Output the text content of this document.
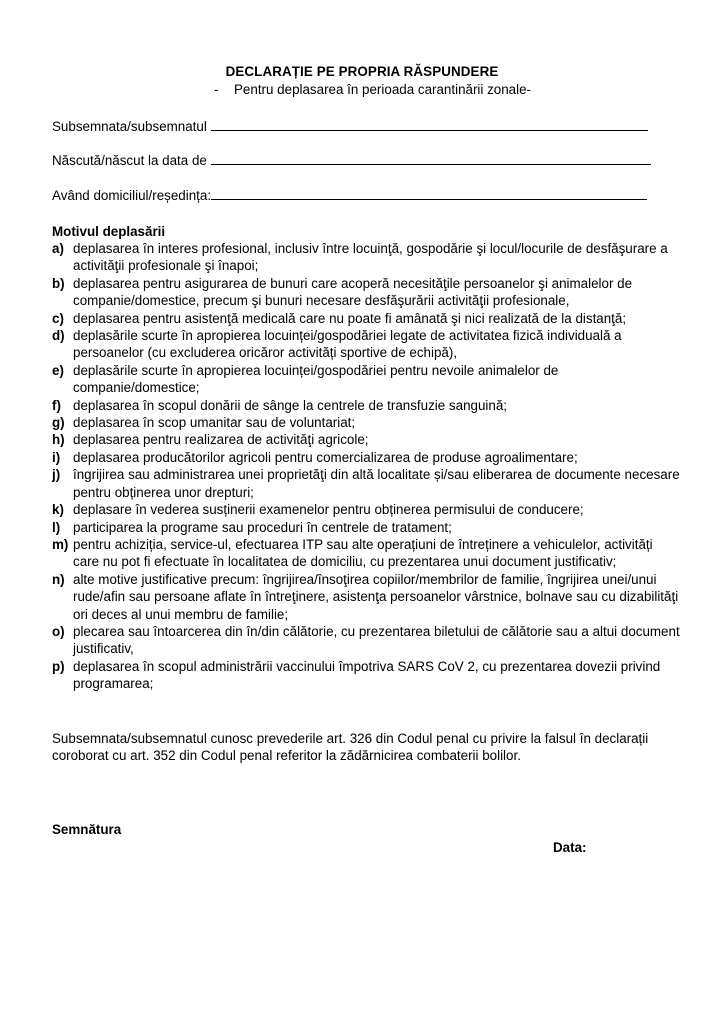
DECLARAȚIE PE PROPRIA RĂSPUNDERE
- Pentru deplasarea în perioada carantinării zonale-
Subsemnata/subsemnatul
Născută/născut la data de
Având domiciliul/reședința:
Motivul deplasării
a) deplasarea în interes profesional, inclusiv între locuinţă, gospodărie şi locul/locurile de desfăşurare a activităţii profesionale şi înapoi;
b) deplasarea pentru asigurarea de bunuri care acoperă necesităţile persoanelor şi animalelor de companie/domestice, precum şi bunuri necesare desfăşurării activităţii profesionale,
c) deplasarea pentru asistenţă medicală care nu poate fi amânată şi nici realizată de la distanţă;
d) deplasările scurte în apropierea locuinței/gospodăriei legate de activitatea fizică individuală a persoanelor (cu excluderea oricăror activități sportive de echipă),
e) deplasările scurte în apropierea locuinței/gospodăriei pentru nevoile animalelor de companie/domestice;
f) deplasarea în scopul donării de sânge la centrele de transfuzie sanguină;
g) deplasarea în scop umanitar sau de voluntariat;
h) deplasarea pentru realizarea de activităţi agricole;
i) deplasarea producătorilor agricoli pentru comercializarea de produse agroalimentare;
j) îngrijirea sau administrarea unei proprietăţi din altă localitate și/sau eliberarea de documente necesare pentru obținerea unor drepturi;
k) deplasare în vederea susținerii examenelor pentru obținerea permisului de conducere;
l) participarea la programe sau proceduri în centrele de tratament;
m) pentru achiziția, service-ul, efectuarea ITP sau alte operațiuni de întreținere a vehiculelor, activități care nu pot fi efectuate în localitatea de domiciliu, cu prezentarea unui document justificativ;
n) alte motive justificative precum: îngrijirea/însoţirea copiilor/membrilor de familie, îngrijirea unei/unui rude/afin sau persoane aflate în întreţinere, asistenţa persoanelor vârstnice, bolnave sau cu dizabilităţi ori deces al unui membru de familie;
o) plecarea sau întoarcerea din în/din călătorie, cu prezentarea biletului de călătorie sau a altui document justificativ,
p) deplasarea în scopul administrării vaccinului împotriva SARS CoV 2, cu prezentarea dovezii privind programarea;
Subsemnata/subsemnatul cunosc prevederile art. 326 din Codul penal cu privire la falsul în declarații coroborat cu art. 352 din Codul penal referitor la zădărnicirea combaterii bolilor.
Semnătura
Data:
